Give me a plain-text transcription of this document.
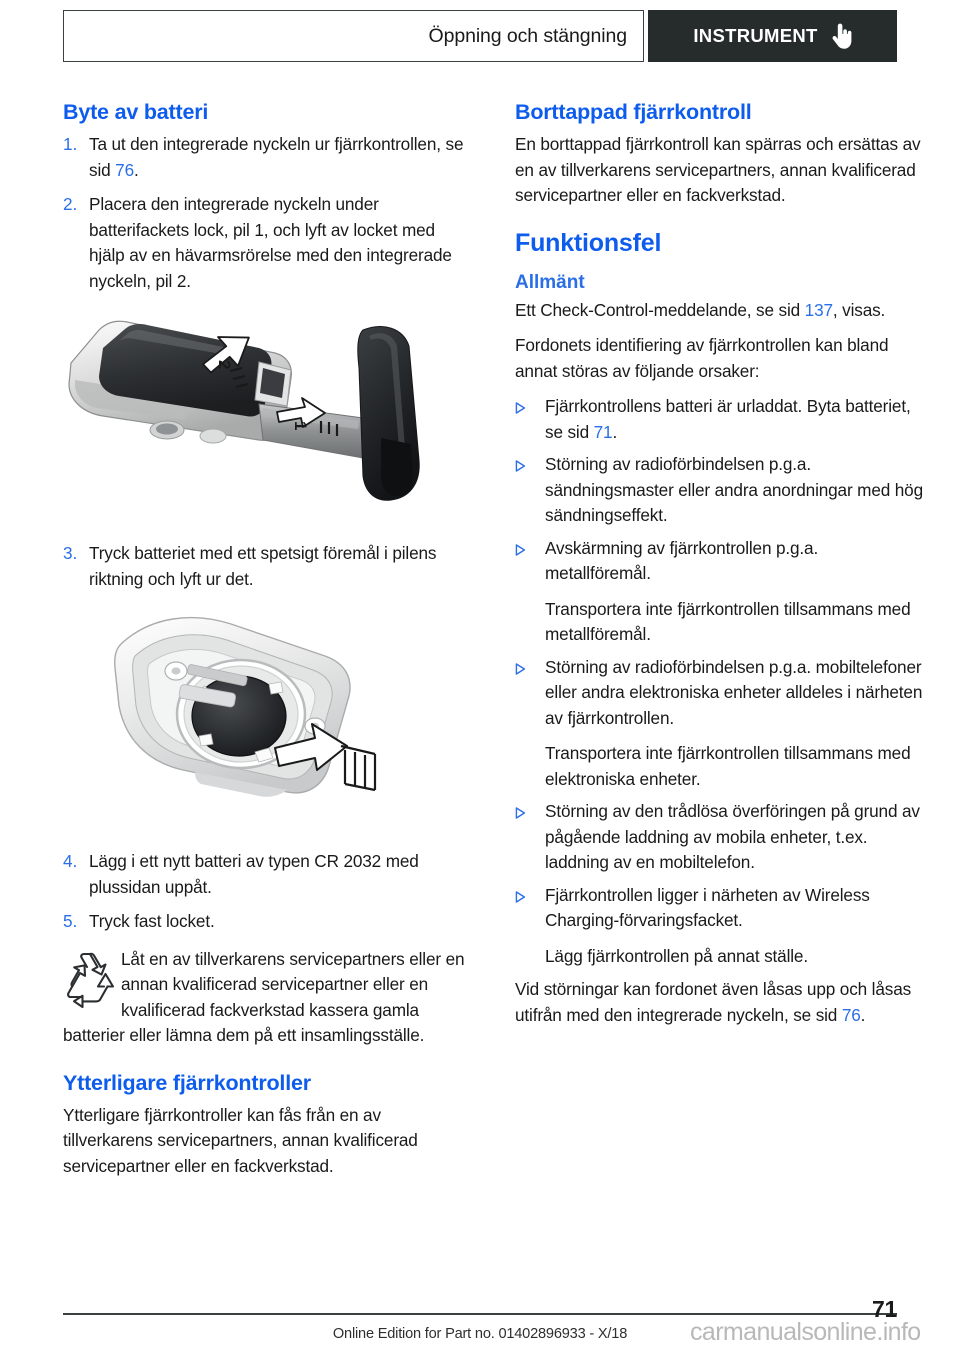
Öppning och stängning	INSTRUMENT
Byte av batteri
1. Ta ut den integrerade nyckeln ur fjärrkontrollen, se sid 76.
2. Placera den integrerade nyckeln under batterifackets lock, pil 1, och lyft av locket med hjälp av en hävarmsrörelse med den integrerade nyckeln, pil 2.
2
1
3. Tryck batteriet med ett spetsigt föremål i pilens riktning och lyft ur det.
4. Lägg i ett nytt batteri av typen CR 2032 med plussidan uppåt.
5. Tryck fast locket.
Låt en av tillverkarens servicepartners eller en annan kvalificerad servicepartner eller en kvalificerad fackverkstad kassera gamla batterier eller lämna dem på ett insamlingsställe.
Ytterligare fjärrkontroller

Ytterligare fjärrkontroller kan fås från en av tillverkarens servicepartners, annan kvalificerad servicepartner eller en fackverkstad.

Borttappad fjärrkontroll

En borttappad fjärrkontroll kan spärras och ersättas av en av tillverkarens servicepartners, annan kvalificerad servicepartner eller en fackverkstad.

Funktionsfel
Allmänt

Ett Check-Control-meddelande, se sid 137, visas.

Fordonets identifiering av fjärrkontrollen kan bland annat störas av följande orsaker:

Fjärrkontrollens batteri är urladdat. Byta batteriet, se sid 71.
Störning av radioförbindelsen p.g.a. sändningsmaster eller andra anordningar med hög sändningseffekt.
Avskärmning av fjärrkontrollen p.g.a. metallföremål.
Transportera inte fjärrkontrollen tillsammans med metallföremål.
Störning av radioförbindelsen p.g.a. mobiltelefoner eller andra elektroniska enheter alldeles i närheten av fjärrkontrollen.
Transportera inte fjärrkontrollen tillsammans med elektroniska enheter.
Störning av den trådlösa överföringen på grund av pågående laddning av mobila enheter, t.ex. laddning av en mobiltelefon.
Fjärrkontrollen ligger i närheten av Wireless Charging-förvaringsfacket.
Lägg fjärrkontrollen på annat ställe.

Vid störningar kan fordonet även låsas upp och låsas utifrån med den integrerade nyckeln, se sid 76.

71
Online Edition for Part no. 01402896933 - X/18	carmanualsonline.info
